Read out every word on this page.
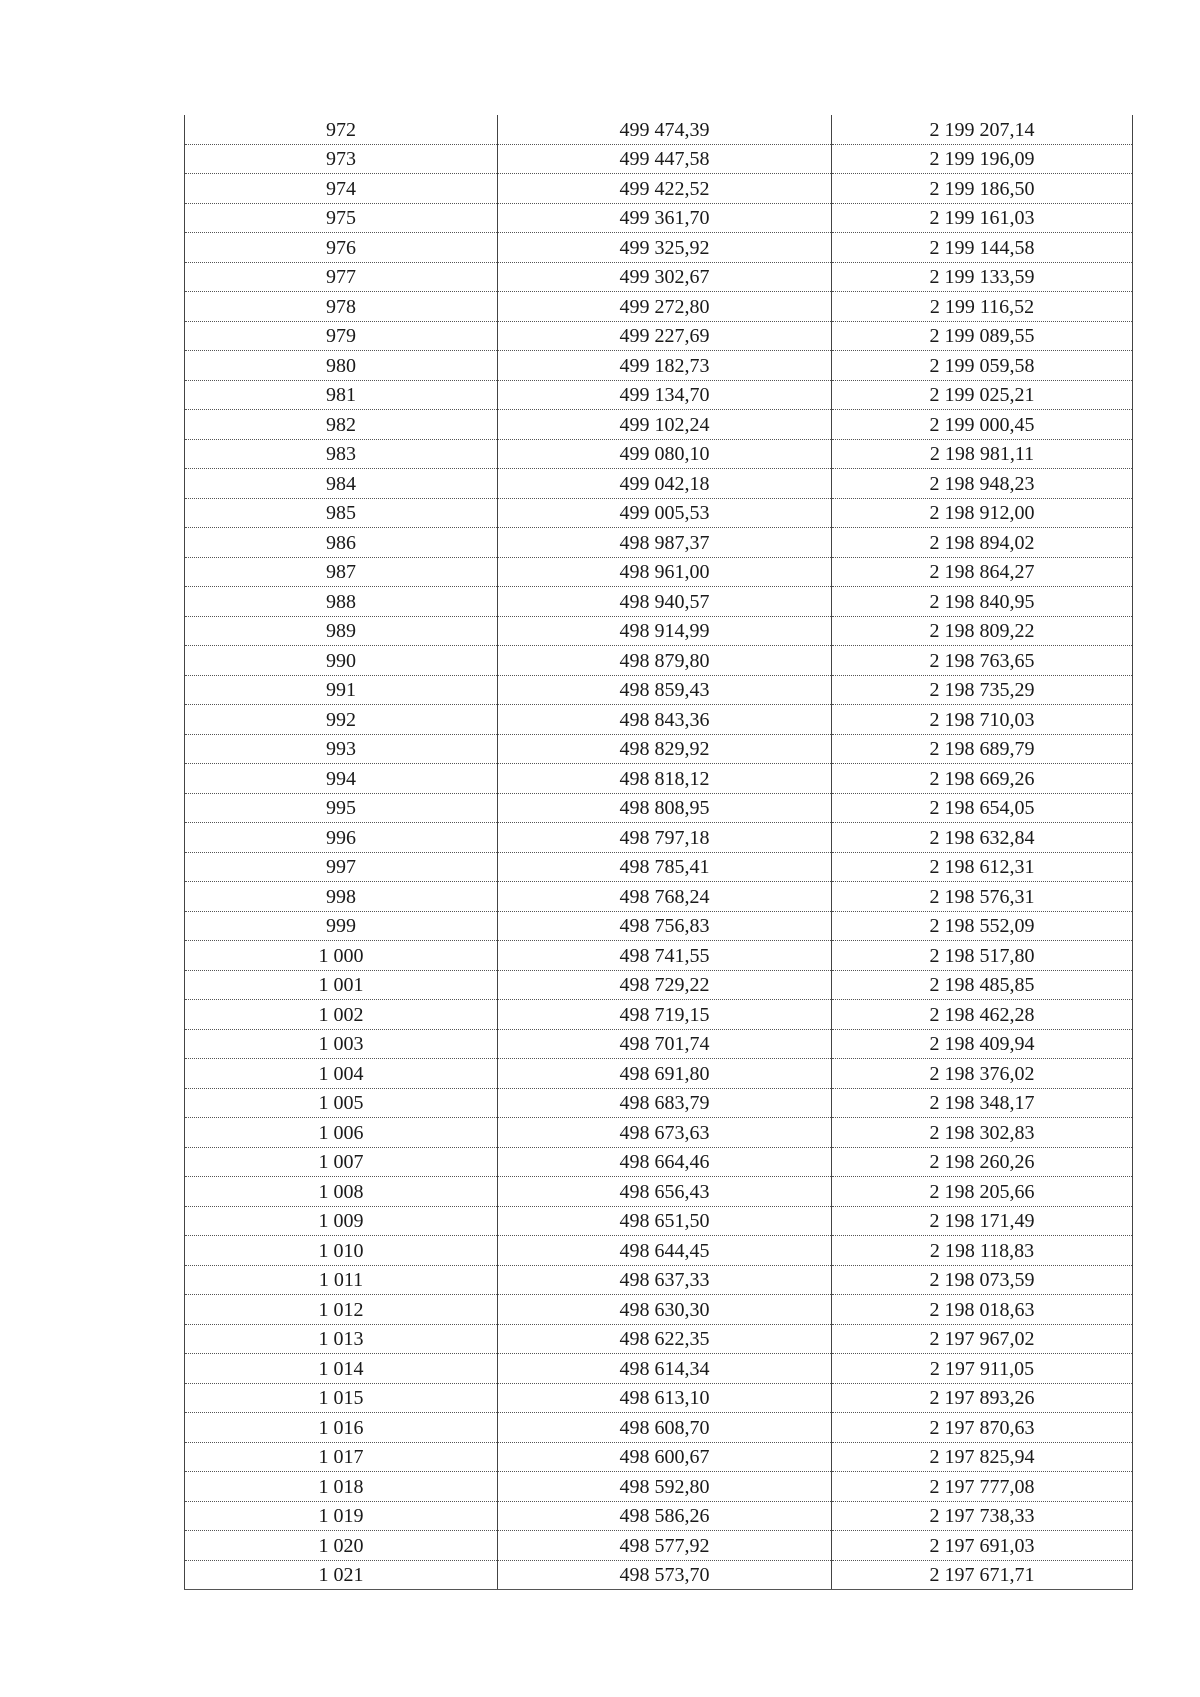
972	499 474,39	2 199 207,14
973	499 447,58	2 199 196,09
974	499 422,52	2 199 186,50
975	499 361,70	2 199 161,03
976	499 325,92	2 199 144,58
977	499 302,67	2 199 133,59
978	499 272,80	2 199 116,52
979	499 227,69	2 199 089,55
980	499 182,73	2 199 059,58
981	499 134,70	2 199 025,21
982	499 102,24	2 199 000,45
983	499 080,10	2 198 981,11
984	499 042,18	2 198 948,23
985	499 005,53	2 198 912,00
986	498 987,37	2 198 894,02
987	498 961,00	2 198 864,27
988	498 940,57	2 198 840,95
989	498 914,99	2 198 809,22
990	498 879,80	2 198 763,65
991	498 859,43	2 198 735,29
992	498 843,36	2 198 710,03
993	498 829,92	2 198 689,79
994	498 818,12	2 198 669,26
995	498 808,95	2 198 654,05
996	498 797,18	2 198 632,84
997	498 785,41	2 198 612,31
998	498 768,24	2 198 576,31
999	498 756,83	2 198 552,09
1 000	498 741,55	2 198 517,80
1 001	498 729,22	2 198 485,85
1 002	498 719,15	2 198 462,28
1 003	498 701,74	2 198 409,94
1 004	498 691,80	2 198 376,02
1 005	498 683,79	2 198 348,17
1 006	498 673,63	2 198 302,83
1 007	498 664,46	2 198 260,26
1 008	498 656,43	2 198 205,66
1 009	498 651,50	2 198 171,49
1 010	498 644,45	2 198 118,83
1 011	498 637,33	2 198 073,59
1 012	498 630,30	2 198 018,63
1 013	498 622,35	2 197 967,02
1 014	498 614,34	2 197 911,05
1 015	498 613,10	2 197 893,26
1 016	498 608,70	2 197 870,63
1 017	498 600,67	2 197 825,94
1 018	498 592,80	2 197 777,08
1 019	498 586,26	2 197 738,33
1 020	498 577,92	2 197 691,03
1 021	498 573,70	2 197 671,71
